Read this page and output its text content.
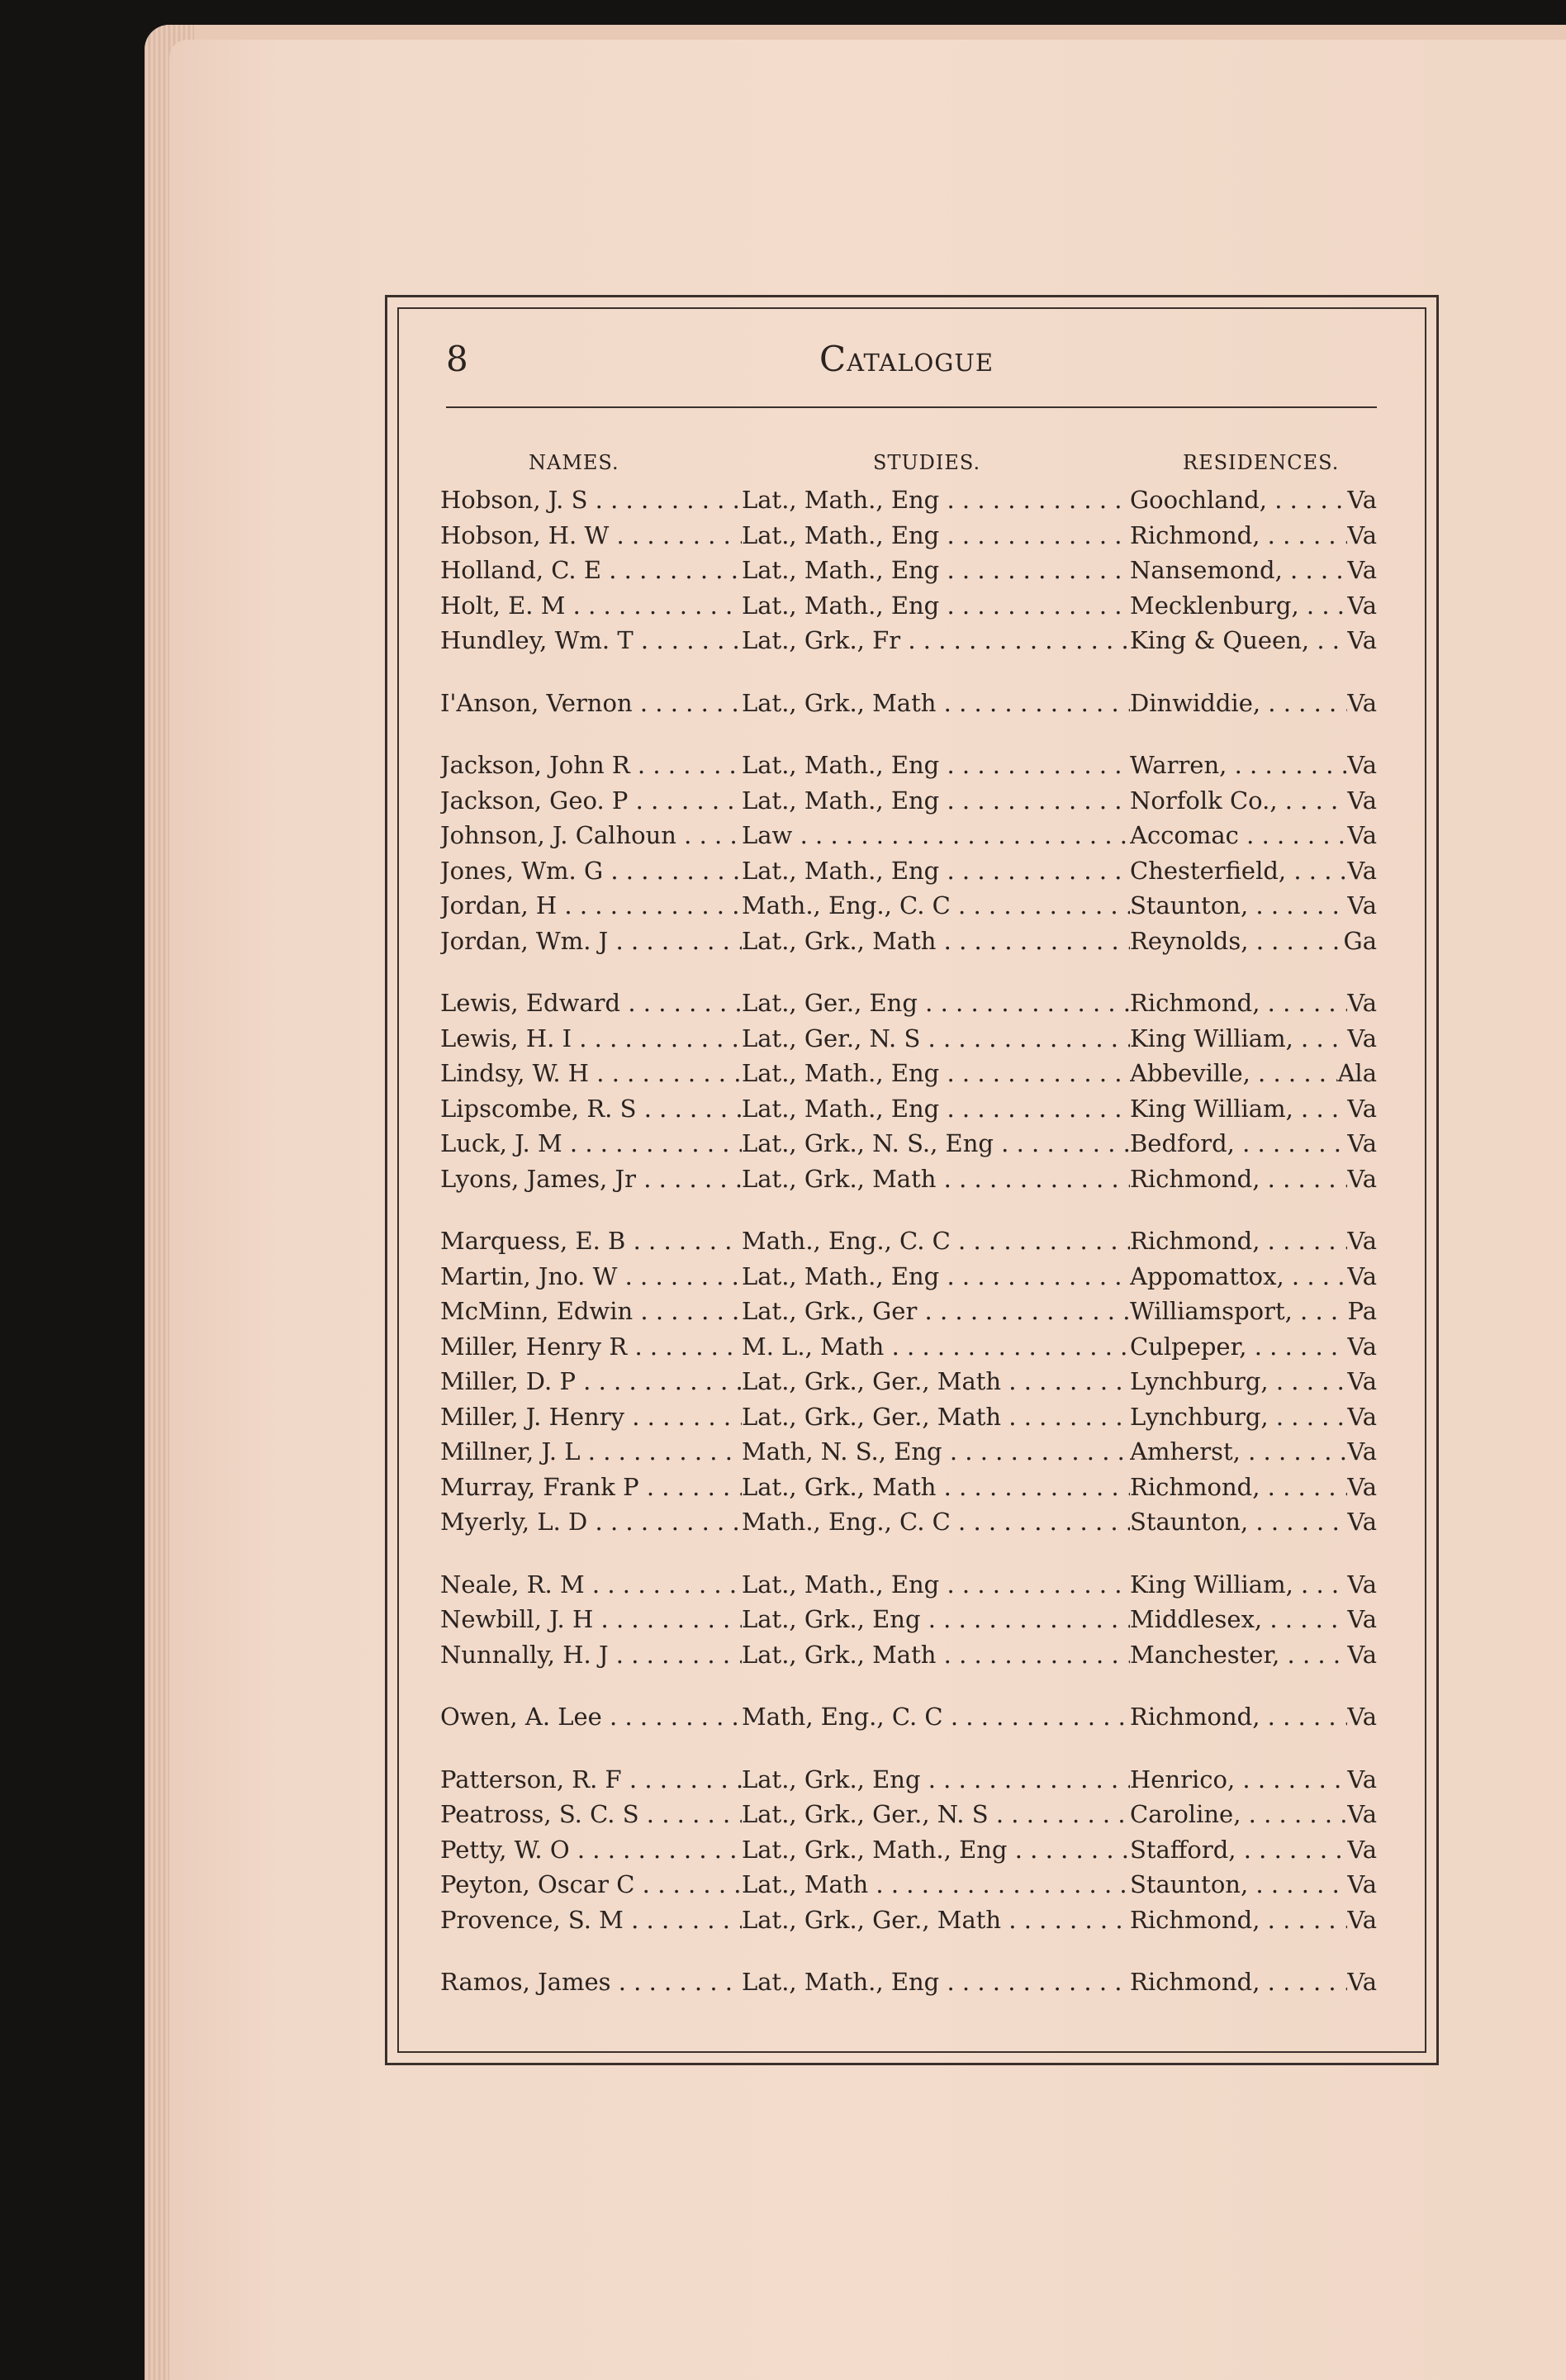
8	Catalogue
NAMES.	STUDIES.	RESIDENCES.
Hobson, J. S . . .	Lat., Math., Eng . . .	Goochland, . . .	Va
Hobson, H. W . . .	Lat., Math., Eng . . .	Richmond, . . .	Va
Holland, C. E . . .	Lat., Math., Eng . . .	Nansemond, . . .	Va
Holt, E. M . . .	Lat., Math., Eng . . .	Mecklenburg, . . .	Va
Hundley, Wm. T . . .	Lat., Grk., Fr . . .	King & Queen, . . .	Va
I'Anson, Vernon . . .	Lat., Grk., Math . . .	Dinwiddie, . . .	Va
Jackson, John R . . .	Lat., Math., Eng . . .	Warren, . . .	Va
Jackson, Geo. P . . .	Lat., Math., Eng . . .	Norfolk Co., . . .	Va
Johnson, J. Calhoun . . .	Law . . .	Accomac . . .	Va
Jones, Wm. G . . .	Lat., Math., Eng . . .	Chesterfield, . . .	Va
Jordan, H . . .	Math., Eng., C. C . . .	Staunton, . . .	Va
Jordan, Wm. J . . .	Lat., Grk., Math . . .	Reynolds, . . .	Ga
Lewis, Edward . . .	Lat., Ger., Eng . . .	Richmond, . . .	Va
Lewis, H. I . . .	Lat., Ger., N. S . . .	King William, . . .	Va
Lindsy, W. H . . .	Lat., Math., Eng . . .	Abbeville, . . .	Ala
Lipscombe, R. S . . .	Lat., Math., Eng . . .	King William, . . .	Va
Luck, J. M . . .	Lat., Grk., N. S., Eng . . .	Bedford, . . .	Va
Lyons, James, Jr . . .	Lat., Grk., Math . . .	Richmond, . . .	Va
Marquess, E. B . . .	Math., Eng., C. C . . .	Richmond, . . .	Va
Martin, Jno. W . . .	Lat., Math., Eng . . .	Appomattox, . . .	Va
McMinn, Edwin . . .	Lat., Grk., Ger . . .	Williamsport, . . .	Pa
Miller, Henry R . . .	M. L., Math . . .	Culpeper, . . .	Va
Miller, D. P . . .	Lat., Grk., Ger., Math . . .	Lynchburg, . . .	Va
Miller, J. Henry . . .	Lat., Grk., Ger., Math . . .	Lynchburg, . . .	Va
Millner, J. L . . .	Math, N. S., Eng . . .	Amherst, . . .	Va
Murray, Frank P . . .	Lat., Grk., Math . . .	Richmond, . . .	Va
Myerly, L. D . . .	Math., Eng., C. C . . .	Staunton, . . .	Va
Neale, R. M . . .	Lat., Math., Eng . . .	King William, . . .	Va
Newbill, J. H . . .	Lat., Grk., Eng . . .	Middlesex, . . .	Va
Nunnally, H. J . . .	Lat., Grk., Math . . .	Manchester, . . .	Va
Owen, A. Lee . . .	Math, Eng., C. C . . .	Richmond, . . .	Va
Patterson, R. F . . .	Lat., Grk., Eng . . .	Henrico, . . .	Va
Peatross, S. C. S . . .	Lat., Grk., Ger., N. S . . .	Caroline, . . .	Va
Petty, W. O . . .	Lat., Grk., Math., Eng . . .	Stafford, . . .	Va
Peyton, Oscar C . . .	Lat., Math . . .	Staunton, . . .	Va
Provence, S. M . . .	Lat., Grk., Ger., Math . . .	Richmond, . . .	Va
Ramos, James . . .	Lat., Math., Eng . . .	Richmond, . . .	Va
